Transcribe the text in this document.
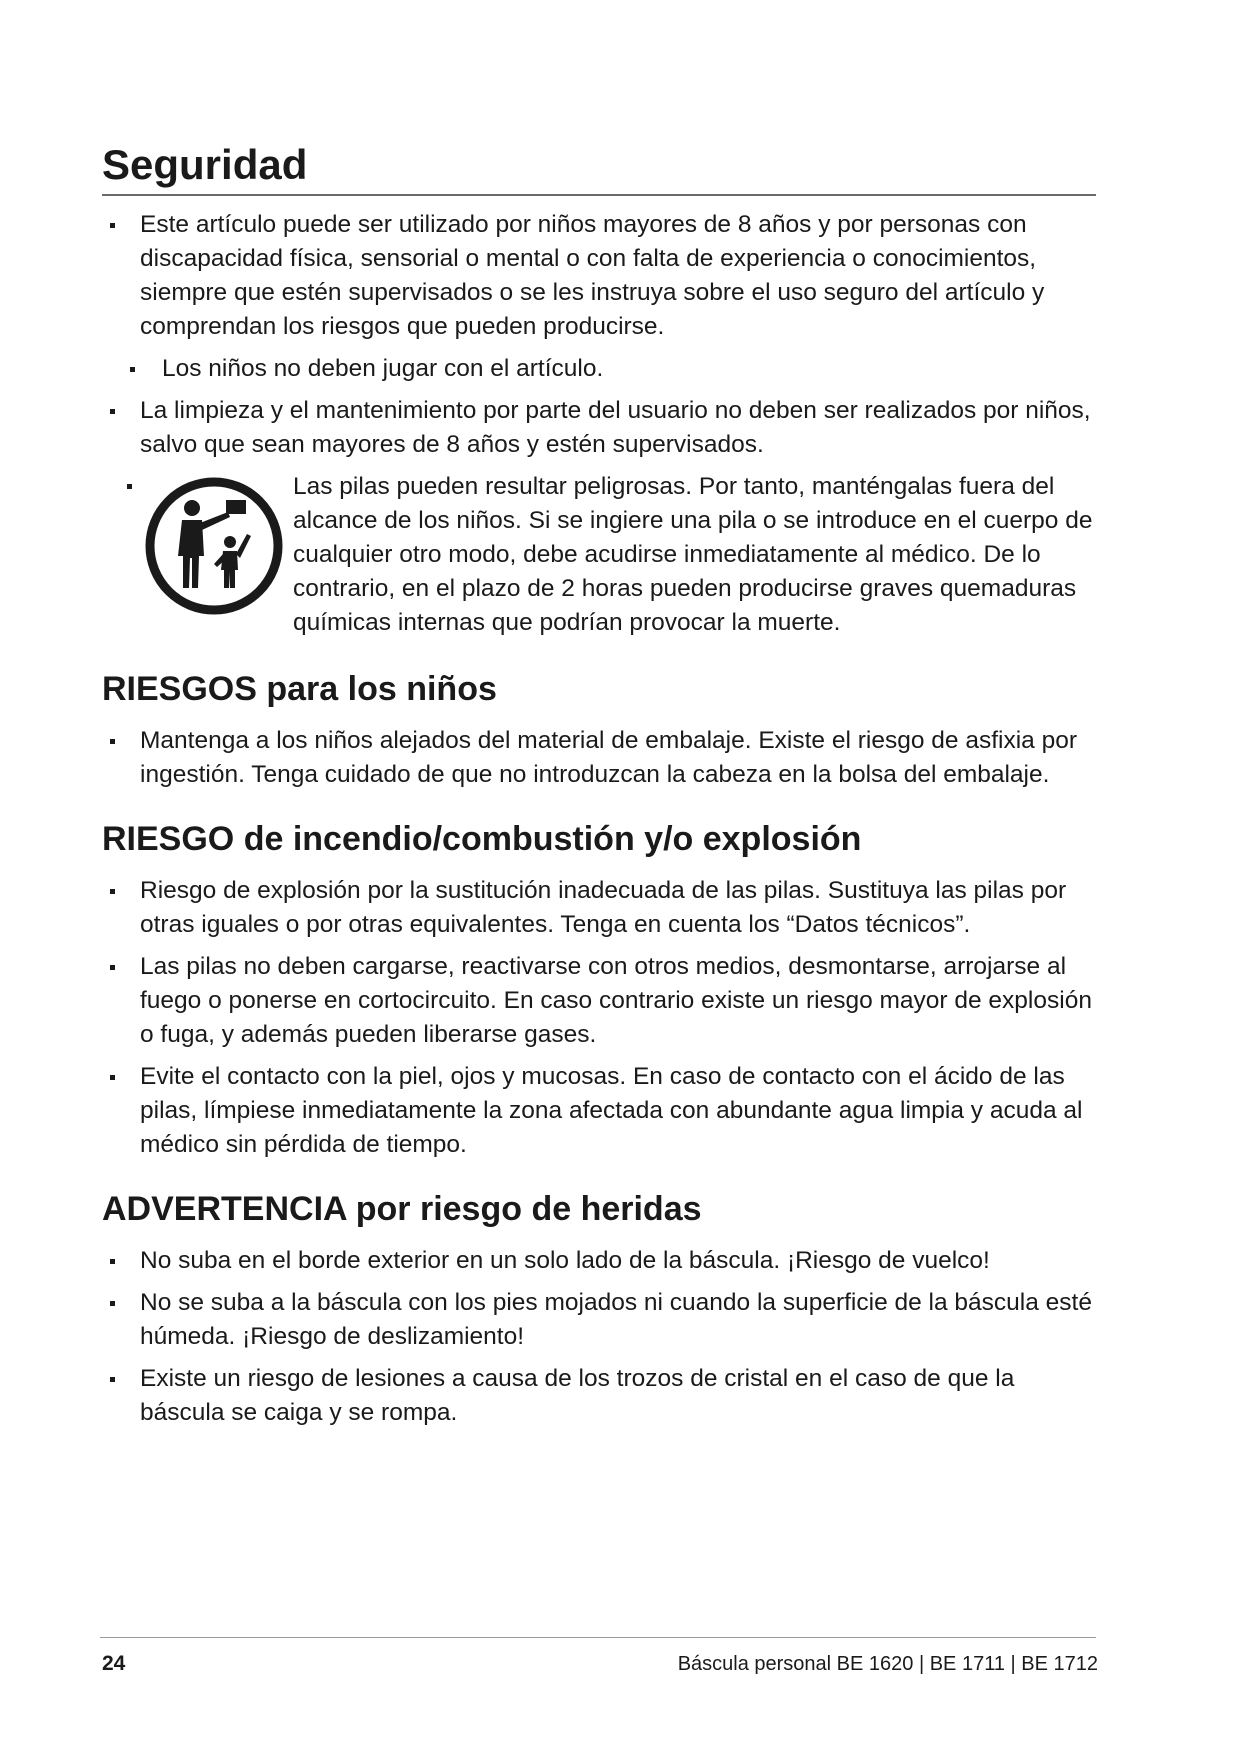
Seguridad
Este artículo puede ser utilizado por niños mayores de 8 años y por personas con discapacidad física, sensorial o mental o con falta de experiencia o conocimientos, siempre que estén supervisados o se les instruya sobre el uso seguro del artículo y comprendan los riesgos que pueden producirse.
Los niños no deben jugar con el artículo.
La limpieza y el mantenimiento por parte del usuario no deben ser realizados por niños, salvo que sean mayores de 8 años y estén supervisados.
Las pilas pueden resultar peligrosas. Por tanto, manténgalas fuera del alcance de los niños. Si se ingiere una pila o se introduce en el cuerpo de cualquier otro modo, debe acudirse inmediatamente al médico. De lo contrario, en el plazo de 2 horas pueden producirse graves quemaduras químicas internas que podrían provocar la muerte.
RIESGOS para los niños
Mantenga a los niños alejados del material de embalaje. Existe el riesgo de asfixia por ingestión. Tenga cuidado de que no introduzcan la cabeza en la bolsa del embalaje.
RIESGO de incendio/combustión y/o explosión
Riesgo de explosión por la sustitución inadecuada de las pilas. Sustituya las pilas por otras iguales o por otras equivalentes. Tenga en cuenta los “Datos técnicos”.
Las pilas no deben cargarse, reactivarse con otros medios, desmontarse, arrojarse al fuego o ponerse en cortocircuito. En caso contrario existe un riesgo mayor de explosión o fuga, y además pueden liberarse gases.
Evite el contacto con la piel, ojos y mucosas. En caso de contacto con el ácido de las pilas, límpiese inmediatamente la zona afectada con abundante agua limpia y acuda al médico sin pérdida de tiempo.
ADVERTENCIA por riesgo de heridas
No suba en el borde exterior en un solo lado de la báscula. ¡Riesgo de vuelco!
No se suba a la báscula con los pies mojados ni cuando la superficie de la báscula esté húmeda. ¡Riesgo de deslizamiento!
Existe un riesgo de lesiones a causa de los trozos de cristal en el caso de que la báscula se caiga y se rompa.
24	Báscula personal BE 1620 | BE 1711 | BE 1712
